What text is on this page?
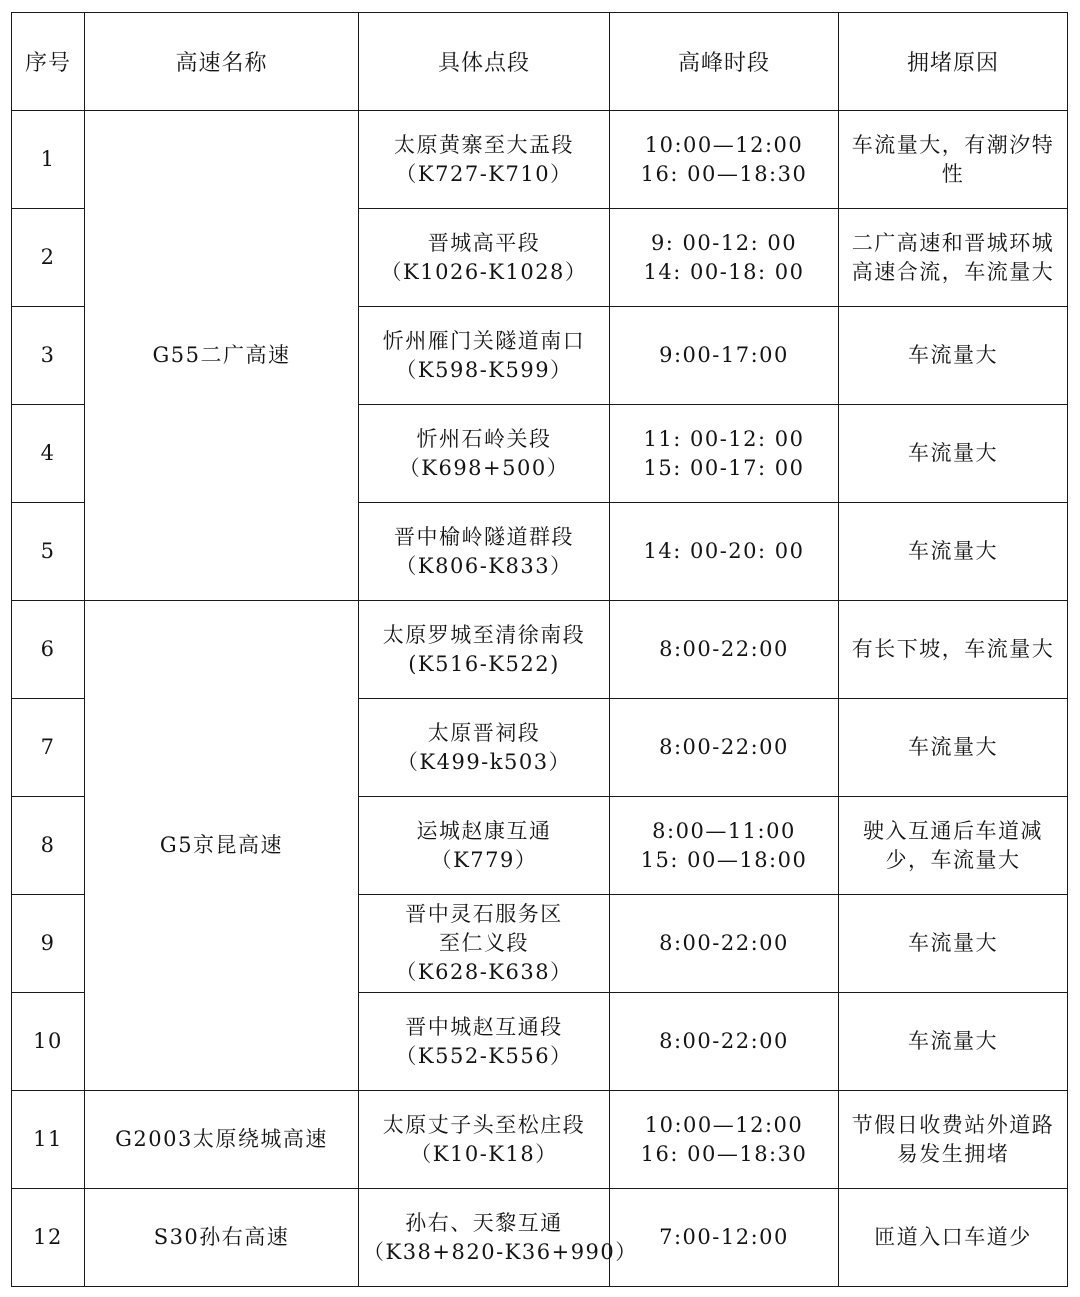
序号	高速名称	具体点段	高峰时段	拥堵原因
1	G55二广高速	太原黄寨至大盂段
（K727-K710）	10:00—12:00
16: 00—18:30	车流量大，有潮汐特性

2		晋城高平段
（K1026-K1028）	9: 00-12: 00
14: 00-18: 00	二广高速和晋城环城高速合流，车流量大

3		忻州雁门关隧道南口
（K598-K599）	9:00-17:00	车流量大

4		忻州石岭关段
（K698+500）	11: 00-12: 00
15: 00-17: 00	车流量大

5		晋中榆岭隧道群段
（K806-K833）	14: 00-20: 00	车流量大

6	G5京昆高速	太原罗城至清徐南段
(K516-K522)	8:00-22:00	有长下坡，车流量大

7		太原晋祠段
（K499-k503）	8:00-22:00	车流量大

8		运城赵康互通
（K779）	8:00—11:00
15: 00—18:00	驶入互通后车道减少，车流量大

9		晋中灵石服务区
至仁义段
（K628-K638）	8:00-22:00	车流量大

10		晋中城赵互通段
（K552-K556）	8:00-22:00	车流量大

11	G2003太原绕城高速	太原丈子头至松庄段
（K10-K18）	10:00—12:00
16: 00—18:30	节假日收费站外道路易发生拥堵

12	S30孙右高速	孙右、天黎互通
（K38+820-K36+990）	7:00-12:00	匝道入口车道少
